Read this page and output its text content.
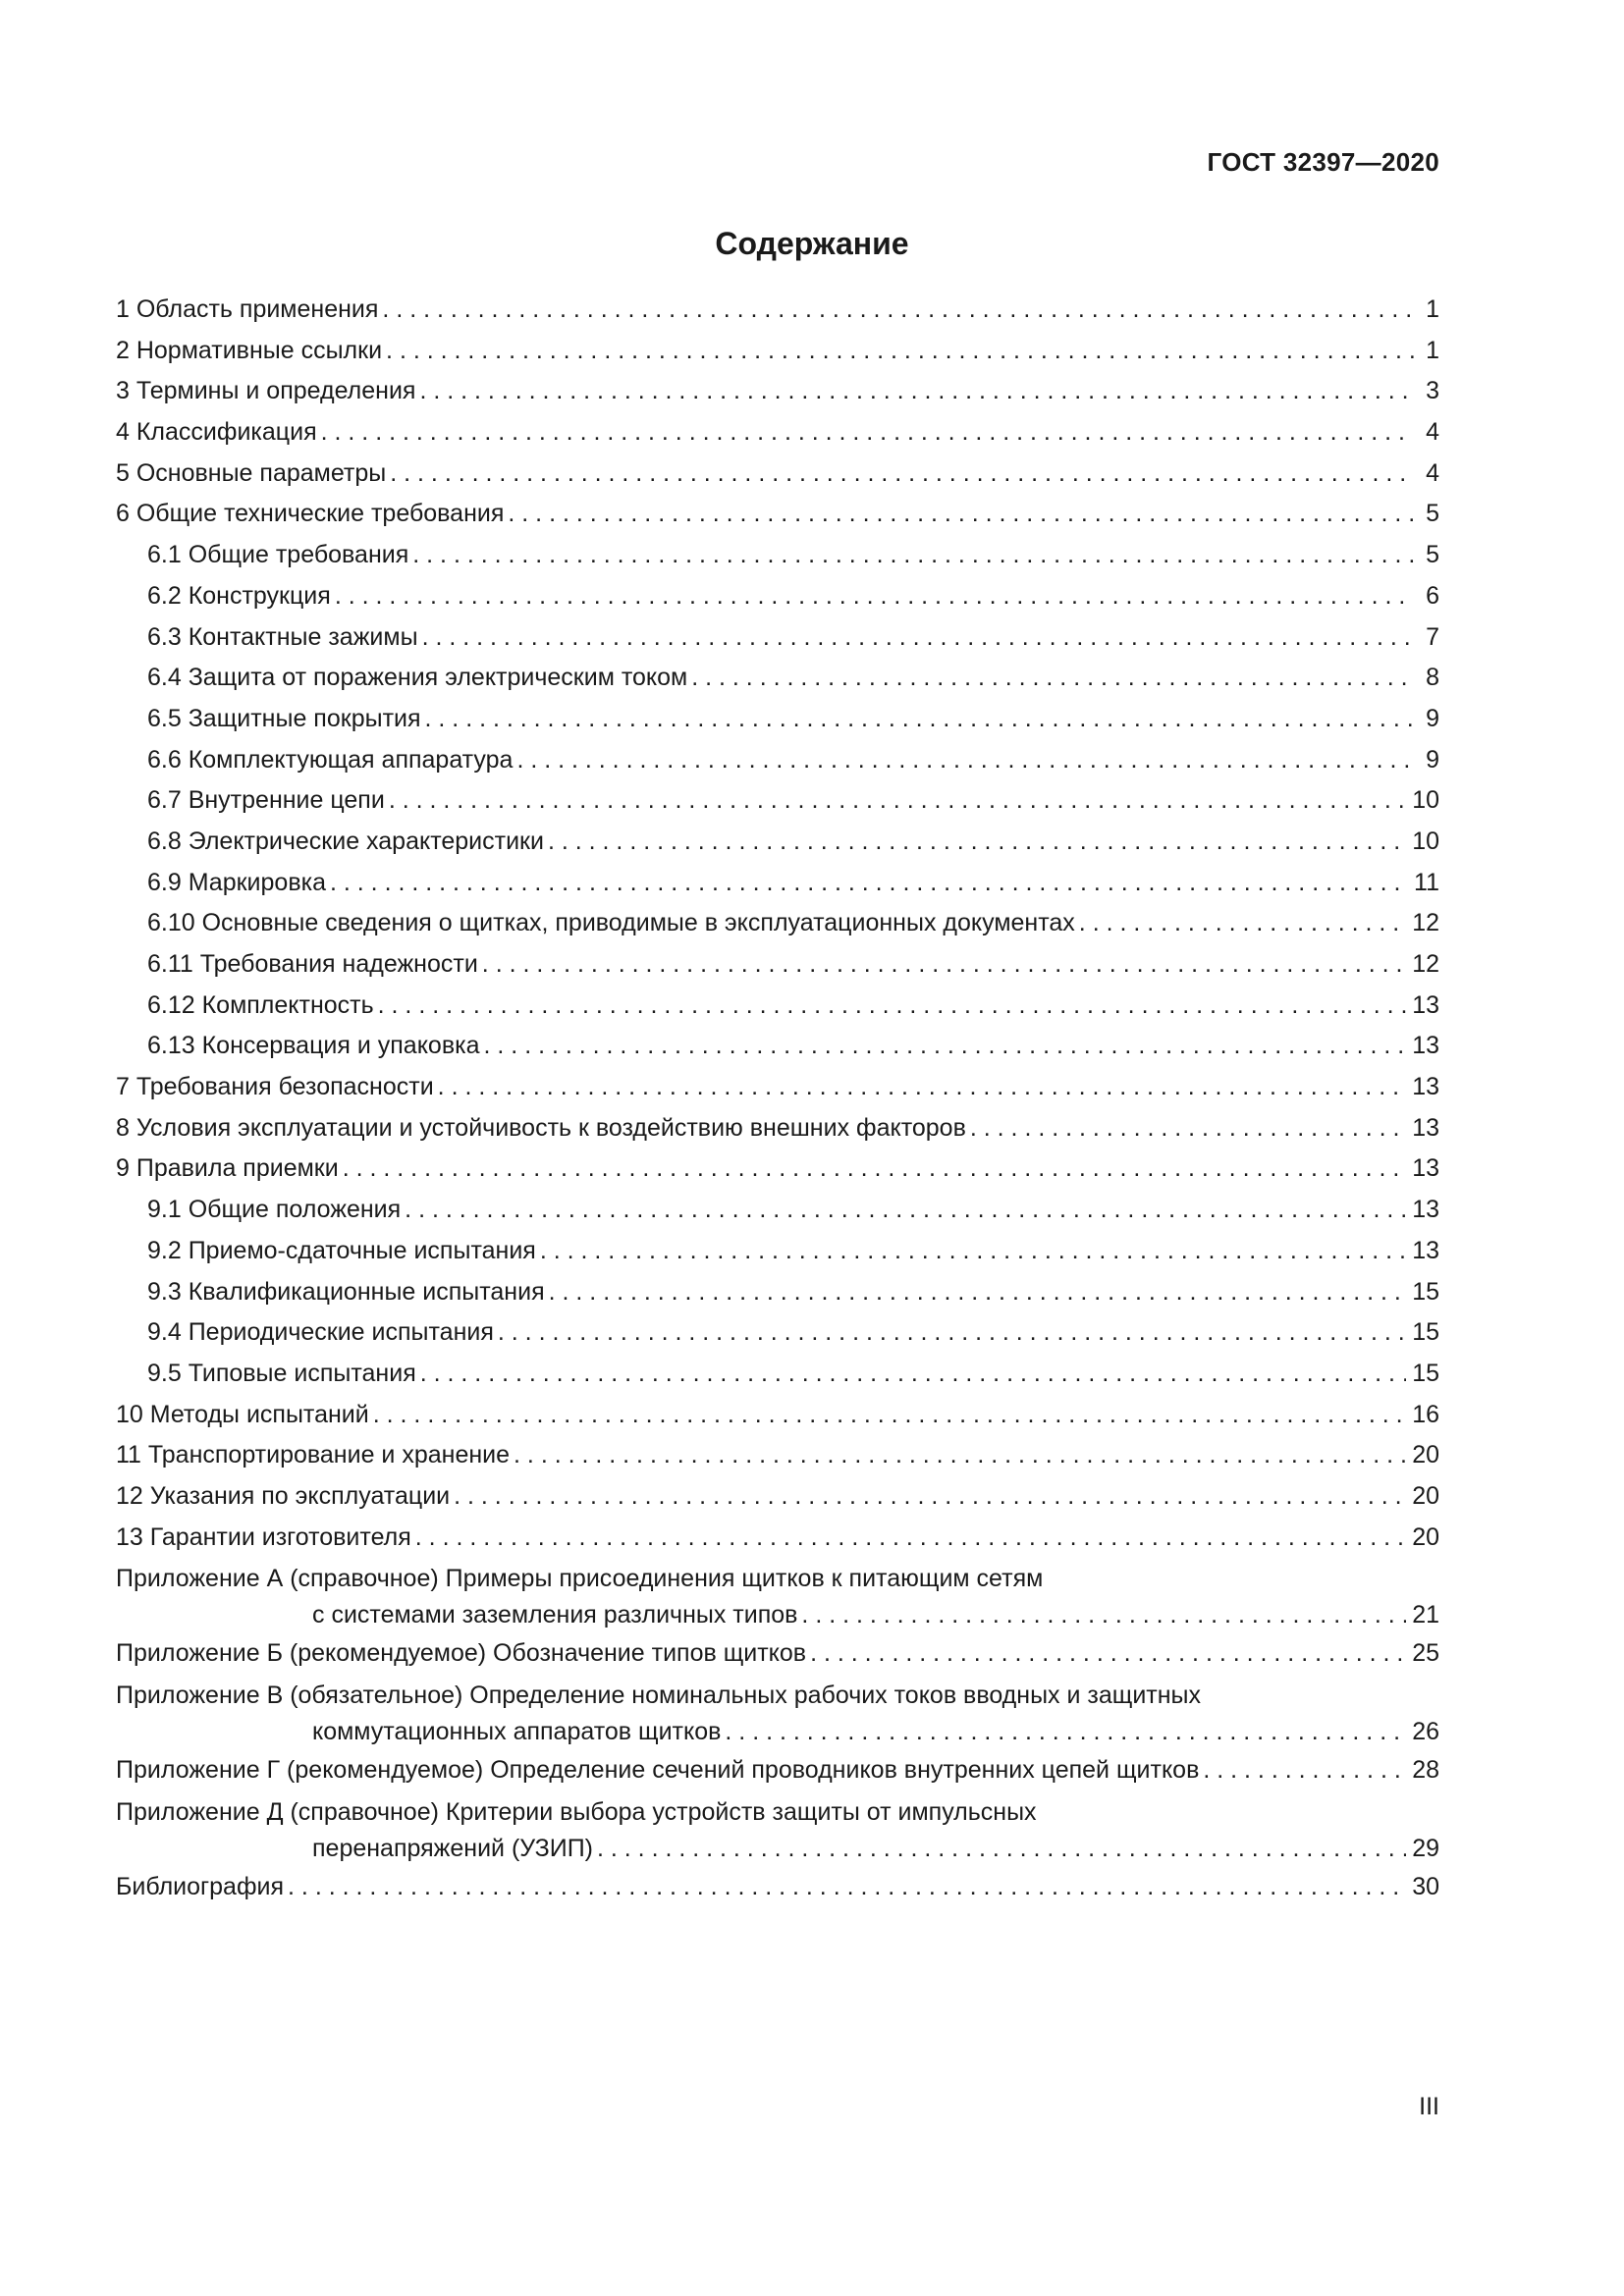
ГОСТ 32397—2020
Содержание
1 Область применения . . .	1
2 Нормативные ссылки . . .	1
3 Термины и определения . . .	3
4 Классификация . . .	4
5 Основные параметры . . .	4
6 Общие технические требования . . .	5
6.1 Общие требования . . .	5
6.2 Конструкция . . .	6
6.3 Контактные зажимы . . .	7
6.4 Защита от поражения электрическим током . . .	8
6.5 Защитные покрытия . . .	9
6.6 Комплектующая аппаратура . . .	9
6.7 Внутренние цепи . . .	10
6.8 Электрические характеристики . . .	10
6.9 Маркировка . . .	11
6.10 Основные сведения о щитках, приводимые в эксплуатационных документах . . .	12
6.11 Требования надежности . . .	12
6.12 Комплектность . . .	13
6.13 Консервация и упаковка . . .	13
7 Требования безопасности . . .	13
8 Условия эксплуатации и устойчивость к воздействию внешних факторов . . .	13
9 Правила приемки . . .	13
9.1 Общие положения . . .	13
9.2 Приемо-сдаточные испытания . . .	13
9.3 Квалификационные испытания . . .	15
9.4 Периодические испытания . . .	15
9.5 Типовые испытания . . .	15
10 Методы испытаний . . .	16
11 Транспортирование и хранение . . .	20
12 Указания по эксплуатации . . .	20
13 Гарантии изготовителя . . .	20
Приложение А (справочное) Примеры присоединения щитков к питающим сетям
с системами заземления различных типов . . .	21
Приложение Б (рекомендуемое) Обозначение типов щитков . . .	25
Приложение В (обязательное) Определение номинальных рабочих токов вводных и защитных
коммутационных аппаратов щитков . . .	26
Приложение Г (рекомендуемое) Определение сечений проводников внутренних цепей щитков . . .	28
Приложение Д (справочное) Критерии выбора устройств защиты от импульсных
перенапряжений (УЗИП) . . .	29
Библиография . . .	30
III
